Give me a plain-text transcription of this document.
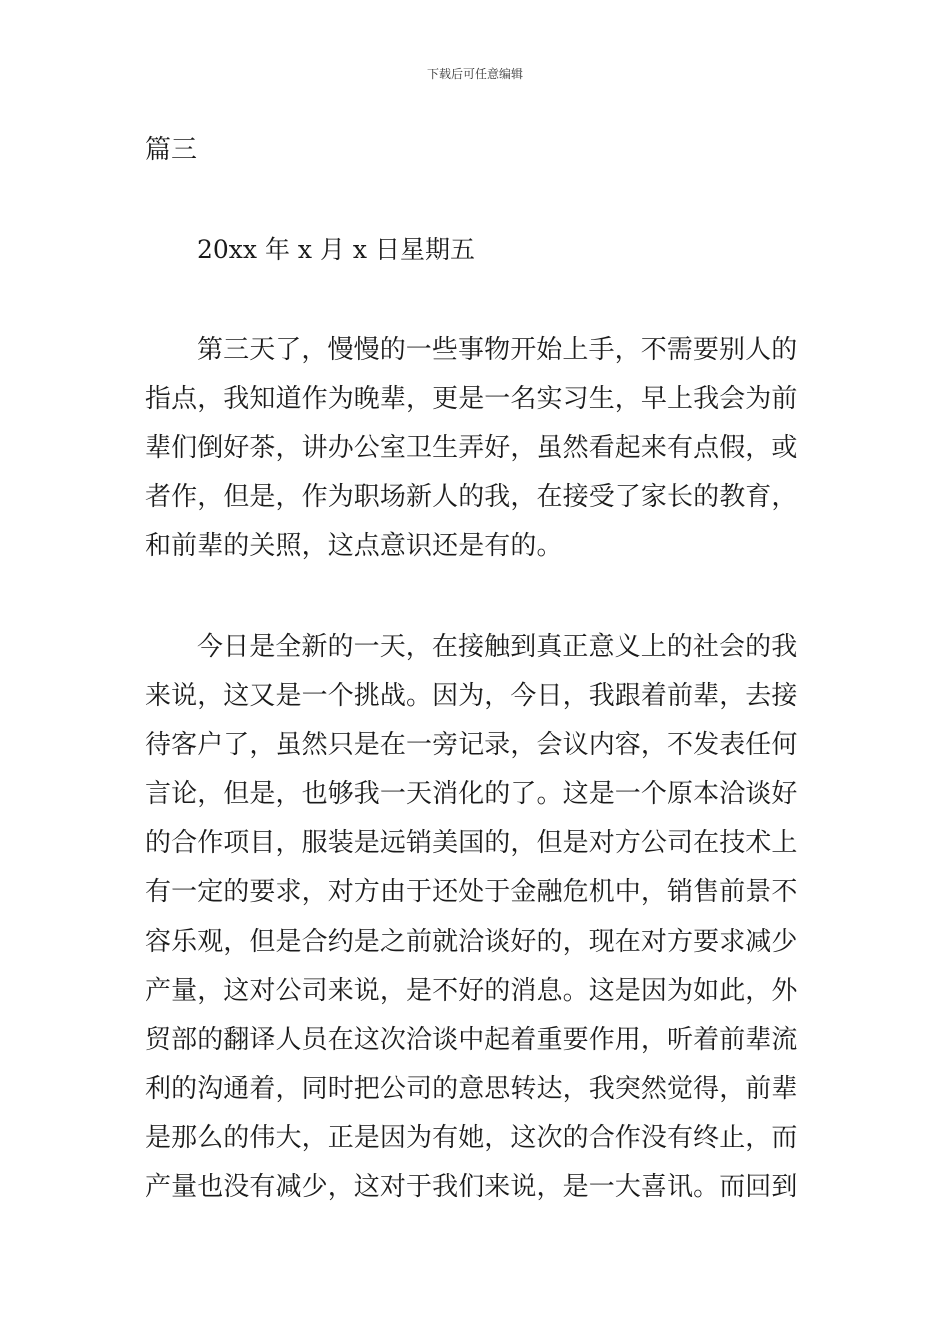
下载后可任意编辑
篇三
20xx 年 x 月 x 日星期五
第三天了，慢慢的一些事物开始上手，不需要别人的
指点，我知道作为晚辈，更是一名实习生，早上我会为前
辈们倒好茶，讲办公室卫生弄好，虽然看起来有点假，或
者作，但是，作为职场新人的我，在接受了家长的教育，
和前辈的关照，这点意识还是有的。
今日是全新的一天，在接触到真正意义上的社会的我
来说，这又是一个挑战。因为，今日，我跟着前辈，去接
待客户了，虽然只是在一旁记录，会议内容，不发表任何
言论，但是，也够我一天消化的了。这是一个原本洽谈好
的合作项目，服装是远销美国的，但是对方公司在技术上
有一定的要求，对方由于还处于金融危机中，销售前景不
容乐观，但是合约是之前就洽谈好的，现在对方要求减少
产量，这对公司来说，是不好的消息。这是因为如此，外
贸部的翻译人员在这次洽谈中起着重要作用，听着前辈流
利的沟通着，同时把公司的意思转达，我突然觉得，前辈
是那么的伟大，正是因为有她，这次的合作没有终止，而
产量也没有减少，这对于我们来说，是一大喜讯。而回到
